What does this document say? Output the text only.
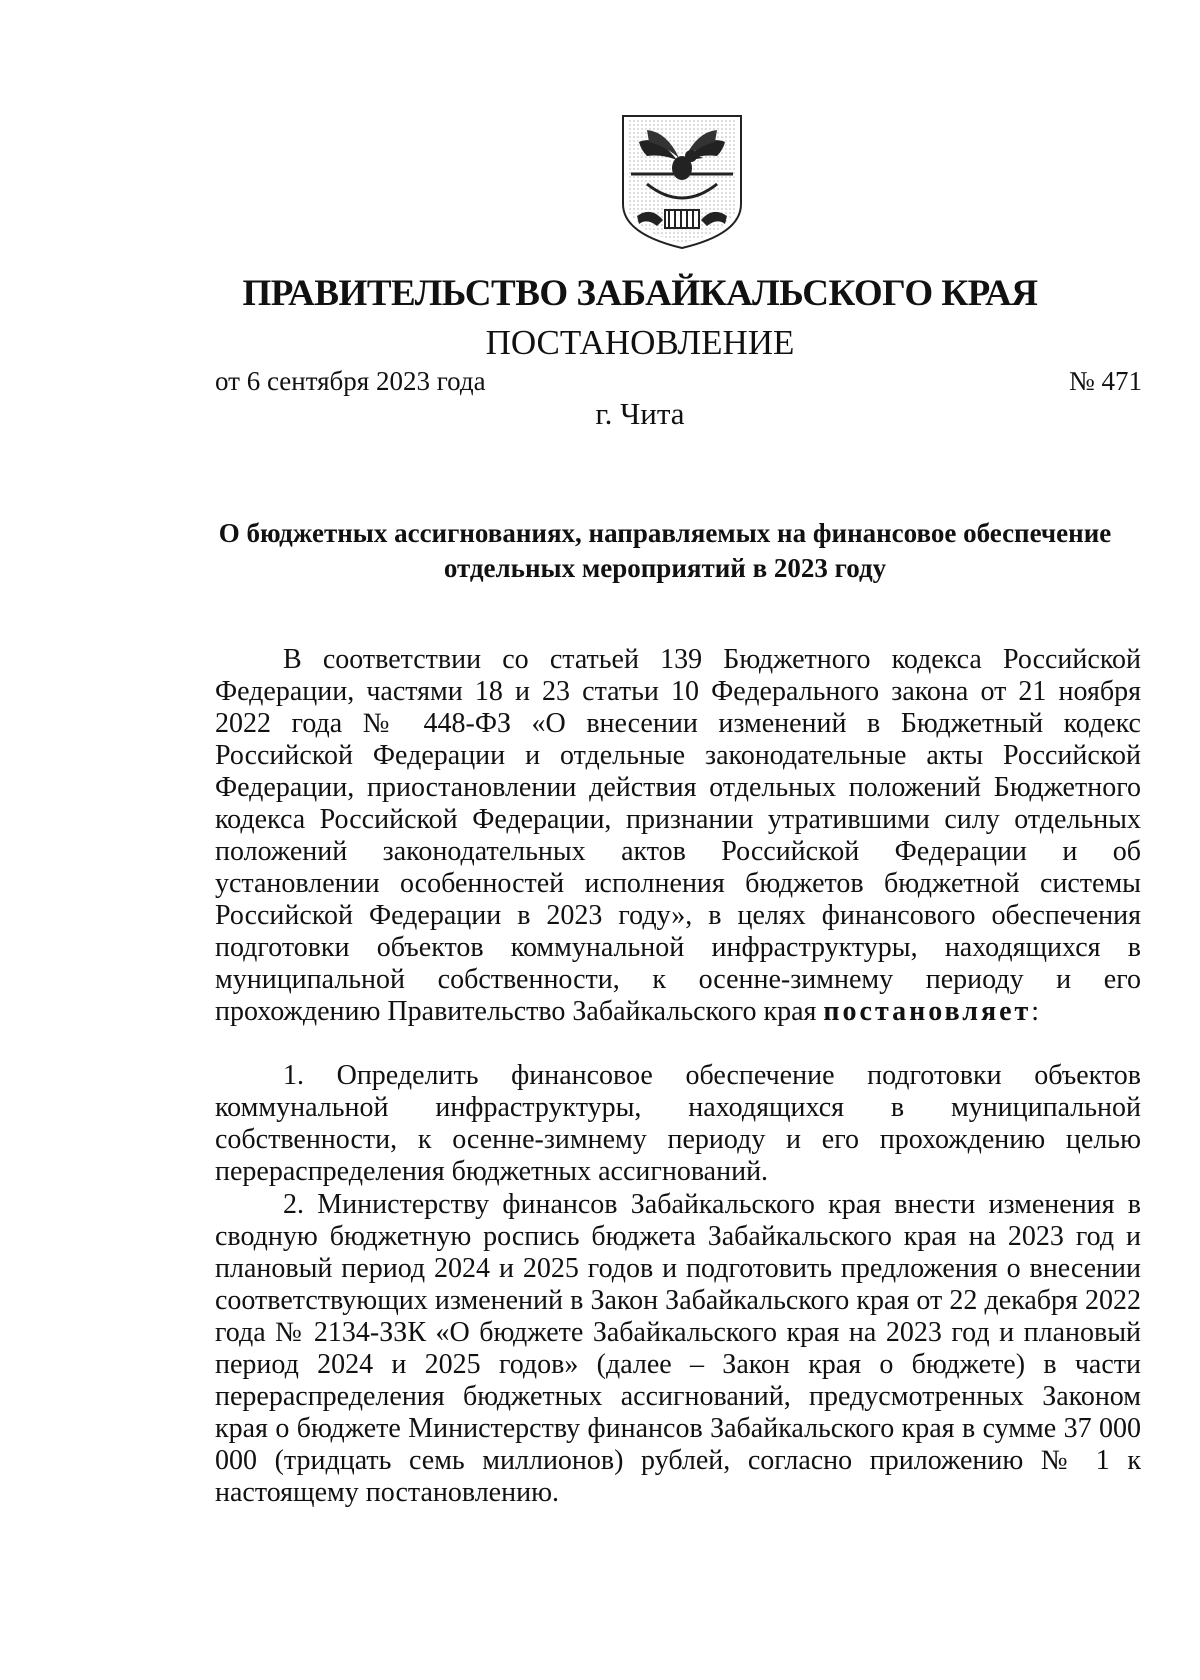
ПРАВИТЕЛЬСТВО ЗАБАЙКАЛЬСКОГО КРАЯ
ПОСТАНОВЛЕНИЕ
от 6 сентября 2023 года	№ 471
г. Чита
О бюджетных ассигнованиях, направляемых на финансовое обеспечение
отдельных мероприятий в 2023 году
В соответствии со статьей 139 Бюджетного кодекса Российской Федерации, частями 18 и 23 статьи 10 Федерального закона от 21 ноября 2022 года № 448-ФЗ «О внесении изменений в Бюджетный кодекс Российской Федерации и отдельные законодательные акты Российской Федерации, приостановлении действия отдельных положений Бюджетного кодекса Российской Федерации, признании утратившими силу отдельных положений законодательных актов Российской Федерации и об установлении особенностей исполнения бюджетов бюджетной системы Российской Федерации в 2023 году», в целях финансового обеспечения подготовки объектов коммунальной инфраструктуры, находящихся в муниципальной собственности, к осенне-зимнему периоду и его прохождению Правительство Забайкальского края постановляет:
1. Определить финансовое обеспечение подготовки объектов коммунальной инфраструктуры, находящихся в муниципальной собственности, к осенне-зимнему периоду и его прохождению целью перераспределения бюджетных ассигнований.
2. Министерству финансов Забайкальского края внести изменения в сводную бюджетную роспись бюджета Забайкальского края на 2023 год и плановый период 2024 и 2025 годов и подготовить предложения о внесении соответствующих изменений в Закон Забайкальского края от 22 декабря 2022 года № 2134-ЗЗК «О бюджете Забайкальского края на 2023 год и плановый период 2024 и 2025 годов» (далее – Закон края о бюджете) в части перераспределения бюджетных ассигнований, предусмотренных Законом края о бюджете Министерству финансов Забайкальского края в сумме 37 000 000 (тридцать семь миллионов) рублей, согласно приложению № 1 к настоящему постановлению.
